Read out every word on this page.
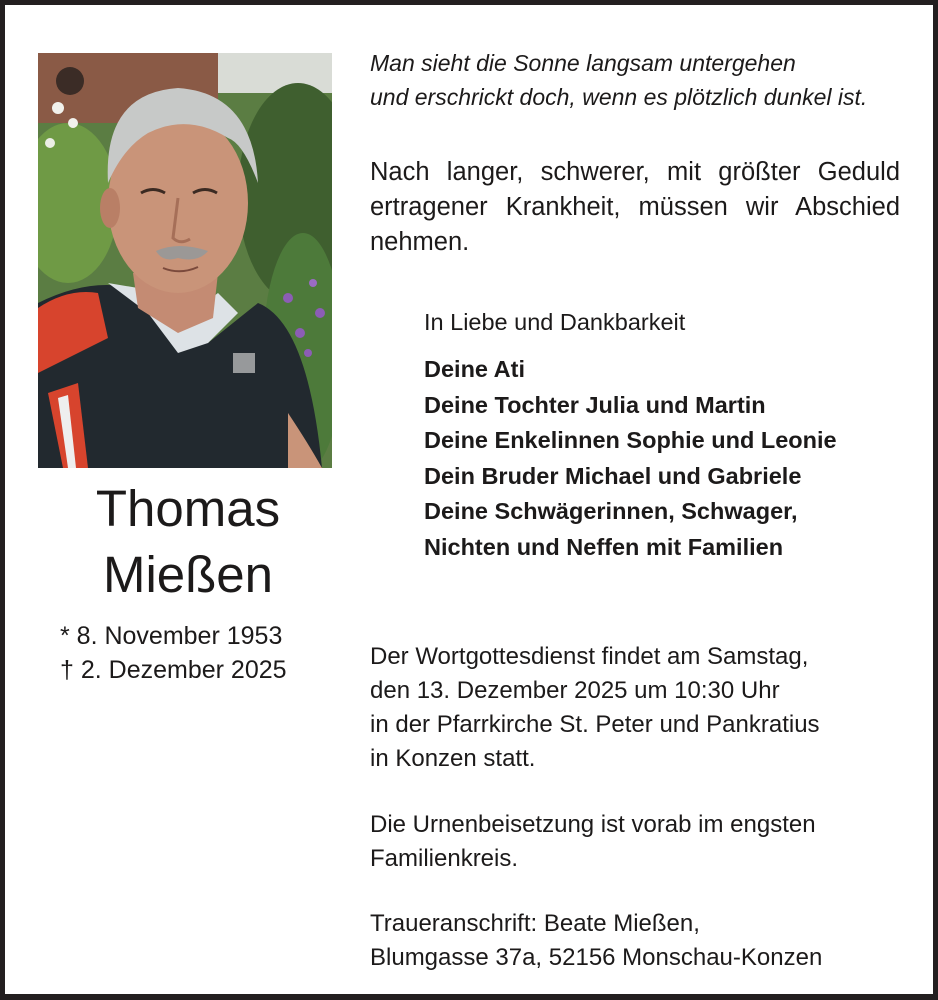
Thomas
Mießen
* 8. November 1953
† 2. Dezember 2025
Man sieht die Sonne langsam untergehen
und erschrickt doch, wenn es plötzlich dunkel ist.
Nach langer, schwerer, mit größter Geduld
ertragener Krankheit, müssen wir Abschied
nehmen.
In Liebe und Dankbarkeit
Deine Ati
Deine Tochter Julia und Martin
Deine Enkelinnen Sophie und Leonie
Dein Bruder Michael und Gabriele
Deine Schwägerinnen, Schwager,
Nichten und Neffen mit Familien
Der Wortgottesdienst findet am Samstag,
den 13. Dezember 2025 um 10:30 Uhr
in der Pfarrkirche St. Peter und Pankratius
in Konzen statt.
Die Urnenbeisetzung ist vorab im engsten
Familienkreis.
Traueranschrift: Beate Mießen,
Blumgasse 37a, 52156 Monschau-Konzen
